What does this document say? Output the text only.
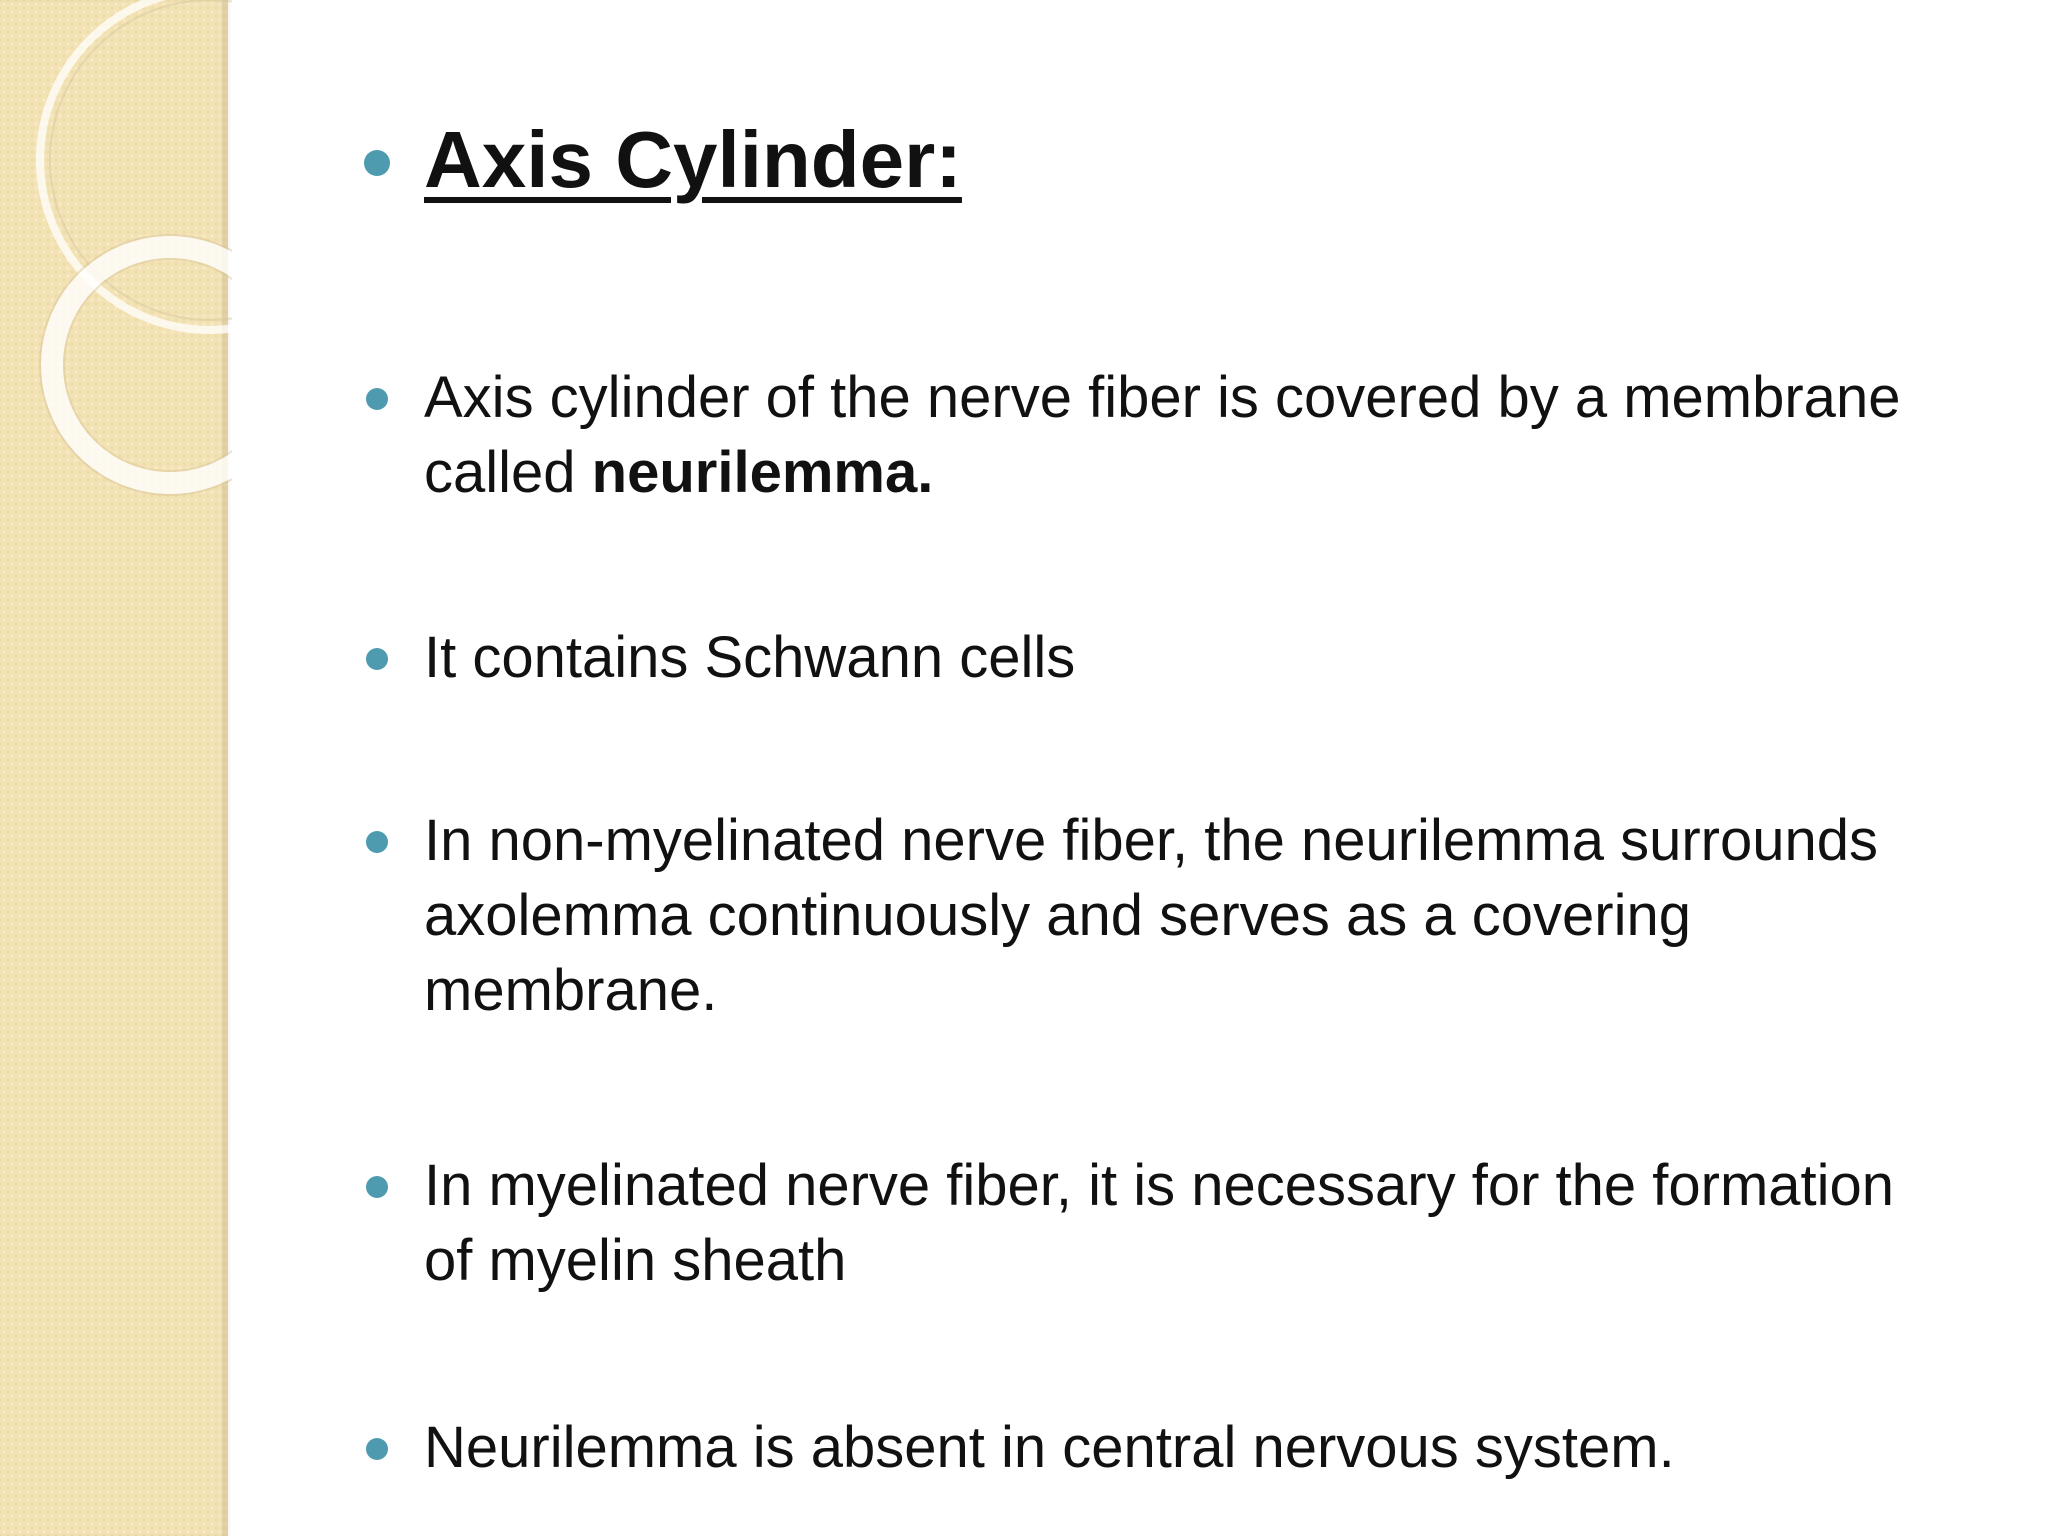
Axis Cylinder:
Axis cylinder of the nerve fiber is covered by a membrane called neurilemma.
It contains Schwann cells
In non-myelinated nerve fiber, the neurilemma surrounds axolemma continuously and serves as a covering membrane.
In myelinated nerve fiber, it is necessary for the formation of myelin sheath
Neurilemma is absent in central nervous system.
